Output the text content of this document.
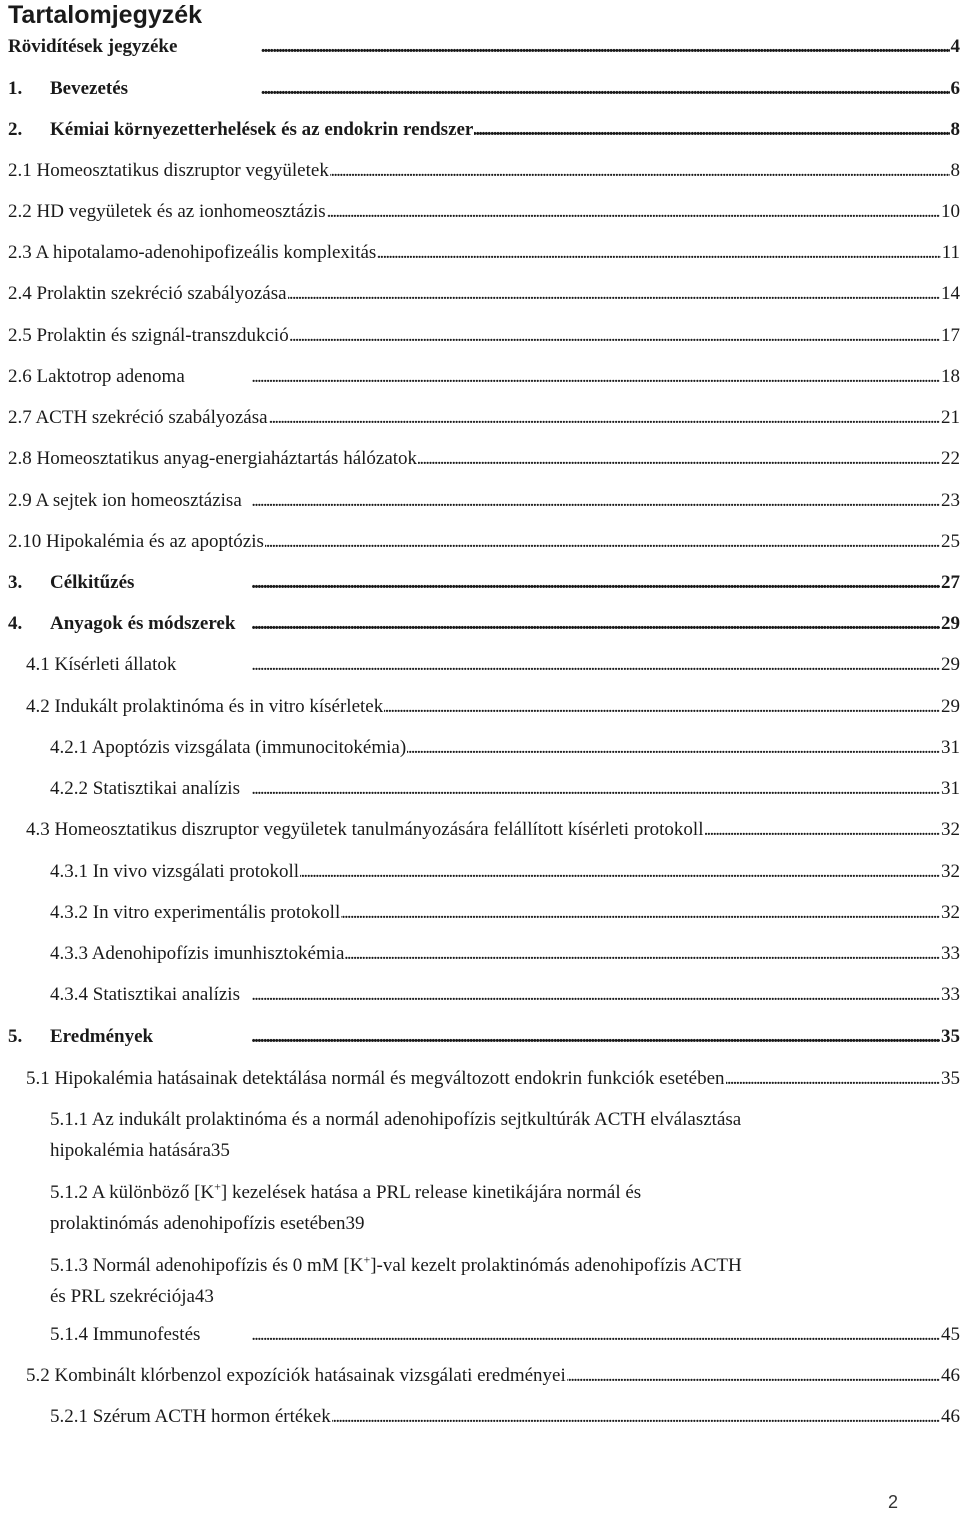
Tartalomjegyzék
Rövidítések jegyzéke . . .	4
1.	Bevezetés . . .	6
2.	Kémiai környezetterhelések és az endokrin rendszer . . .	8
2.1 Homeosztatikus diszruptor vegyületek . . .	8
2.2 HD vegyületek és az ionhomeosztázis . . .	10
2.3 A hipotalamo-adenohipofizeális komplexitás . . .	11
2.4 Prolaktin szekréció szabályozása . . .	14
2.5 Prolaktin és szignál-transzdukció . . .	17
2.6 Laktotrop adenoma . . .	18
2.7 ACTH szekréció szabályozása . . .	21
2.8 Homeosztatikus anyag-energiaháztartás hálózatok . . .	22
2.9 A sejtek ion homeosztázisa . . .	23
2.10 Hipokalémia és az apoptózis . . .	25
3.	Célkitűzés . . .	27
4.	Anyagok és módszerek . . .	29
4.1 Kísérleti állatok . . .	29
4.2 Indukált prolaktinóma és in vitro kísérletek . . .	29
4.2.1 Apoptózis vizsgálata (immunocitokémia) . . .	31
4.2.2 Statisztikai analízis . . .	31
4.3 Homeosztatikus diszruptor vegyületek tanulmányozására felállított kísérleti protokoll . . .	32
4.3.1 In vivo vizsgálati protokoll . . .	32
4.3.2 In vitro experimentális protokoll . . .	32
4.3.3 Adenohipofízis imunhisztokémia . . .	33
4.3.4 Statisztikai analízis . . .	33
5.	Eredmények . . .	35
5.1 Hipokalémia hatásainak detektálása normál és megváltozott endokrin funkciók esetében . . .	35
5.1.1 Az indukált prolaktinóma és a normál adenohipofízis sejtkultúrák ACTH elválasztása
hipokalémia hatására 35
5.1.2 A különböző [K+] kezelések hatása a PRL release kinetikájára normál és
prolaktinómás adenohipofízis esetében 39
5.1.3 Normál adenohipofízis és 0 mM [K+]-val kezelt prolaktinómás adenohipofízis ACTH
és PRL szekréciója 43
5.1.4 Immunofestés . . .	45
5.2 Kombinált klórbenzol expozíciók hatásainak vizsgálati eredményei . . .	46
5.2.1 Szérum ACTH hormon értékek . . .	46
2
